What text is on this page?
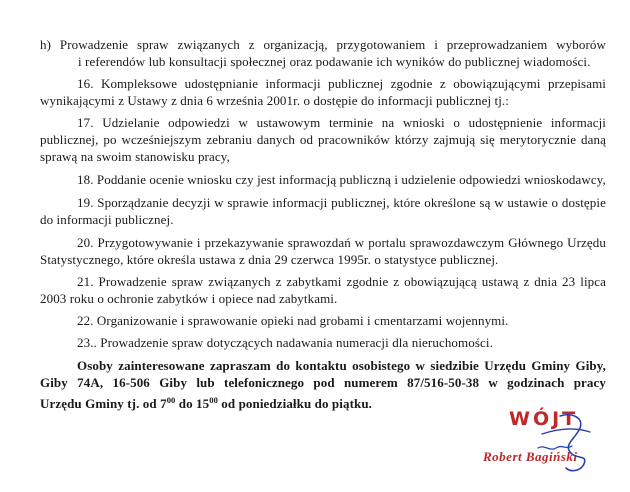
h) Prowadzenie spraw związanych z organizacją, przygotowaniem i przeprowadzaniem wyborów
i referendów lub konsultacji społecznej oraz podawanie ich wyników do publicznej wiadomości.
16. Kompleksowe udostępnianie informacji publicznej zgodnie z obowiązującymi przepisami
wynikającymi z Ustawy z dnia 6 września 2001r. o dostępie do informacji publicznej tj.:
17. Udzielanie odpowiedzi w ustawowym terminie na wnioski o udostępnienie informacji
publicznej, po wcześniejszym zebraniu danych od pracowników którzy zajmują się merytorycznie daną
sprawą na swoim stanowisku pracy,
18. Poddanie ocenie wniosku czy jest informacją publiczną i udzielenie odpowiedzi wnioskodawcy,
19. Sporządzanie decyzji w sprawie informacji publicznej, które określone są w ustawie o dostępie
do informacji publicznej.
20. Przygotowywanie i przekazywanie sprawozdań w portalu sprawozdawczym Głównego Urzędu
Statystycznego, które określa ustawa z dnia 29 czerwca 1995r. o statystyce publicznej.
21. Prowadzenie spraw związanych z zabytkami zgodnie z obowiązującą ustawą z dnia 23 lipca
2003 roku o ochronie zabytków i opiece nad zabytkami.
22. Organizowanie i sprawowanie opieki nad grobami i cmentarzami wojennymi.
23.. Prowadzenie spraw dotyczących nadawania numeracji dla nieruchomości.
Osoby zainteresowane zapraszam do kontaktu osobistego w siedzibie Urzędu Gminy Giby,
Giby 74A, 16-506 Giby lub telefonicznego pod numerem 87/516-50-38 w godzinach pracy
Urzędu Gminy tj. od $7^{00}$ do $15^{00}$ od poniedziałku do piątku.
WÓJT
Robert Bagiński
